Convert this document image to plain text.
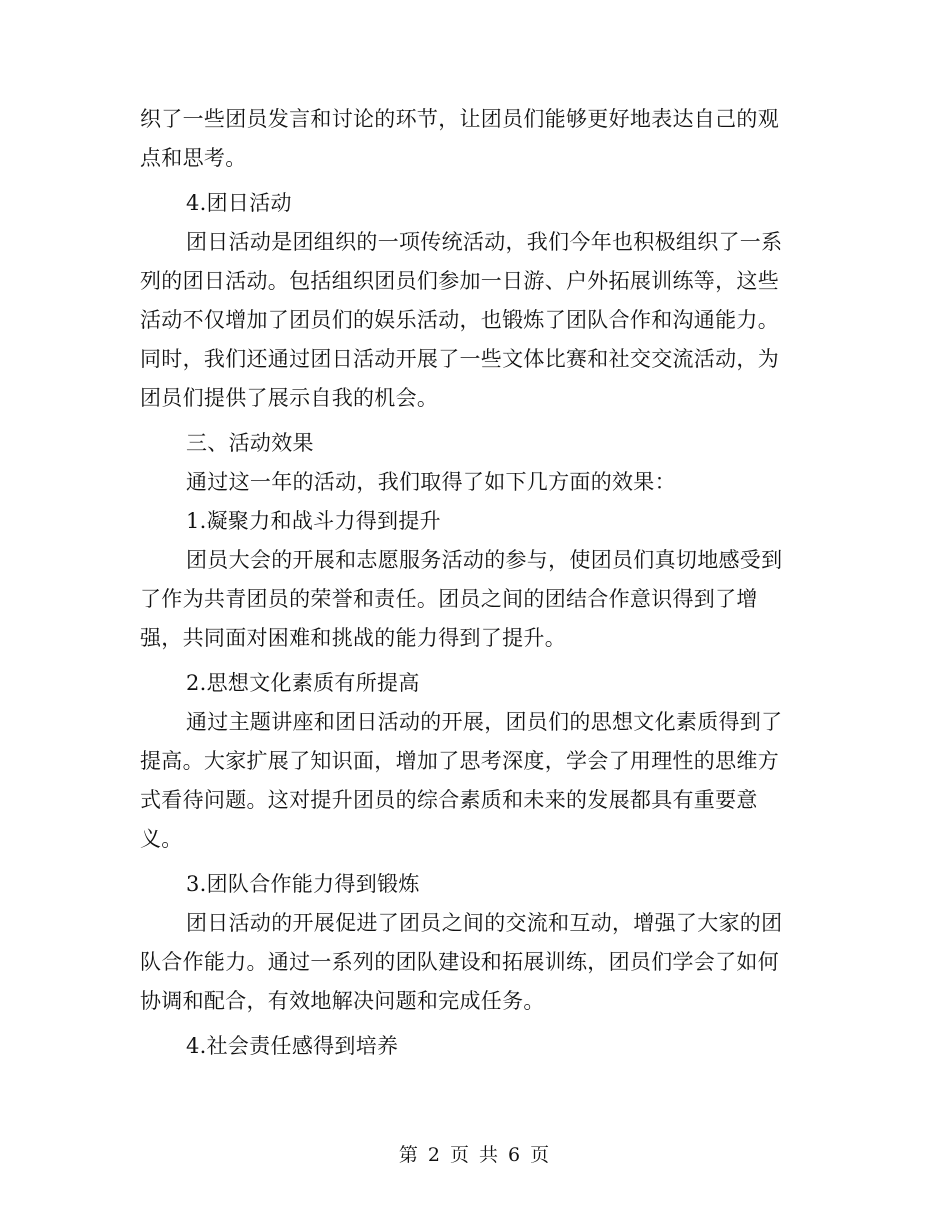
织了一些团员发言和讨论的环节，让团员们能够更好地表达自己的观
点和思考。
4.团日活动
团日活动是团组织的一项传统活动，我们今年也积极组织了一系
列的团日活动。包括组织团员们参加一日游、户外拓展训练等，这些
活动不仅增加了团员们的娱乐活动，也锻炼了团队合作和沟通能力。
同时，我们还通过团日活动开展了一些文体比赛和社交交流活动，为
团员们提供了展示自我的机会。
三、活动效果
通过这一年的活动，我们取得了如下几方面的效果：
1.凝聚力和战斗力得到提升
团员大会的开展和志愿服务活动的参与，使团员们真切地感受到
了作为共青团员的荣誉和责任。团员之间的团结合作意识得到了增
强，共同面对困难和挑战的能力得到了提升。
2.思想文化素质有所提高
通过主题讲座和团日活动的开展，团员们的思想文化素质得到了
提高。大家扩展了知识面，增加了思考深度，学会了用理性的思维方
式看待问题。这对提升团员的综合素质和未来的发展都具有重要意
义。
3.团队合作能力得到锻炼
团日活动的开展促进了团员之间的交流和互动，增强了大家的团
队合作能力。通过一系列的团队建设和拓展训练，团员们学会了如何
协调和配合，有效地解决问题和完成任务。
4.社会责任感得到培养
第 2 页 共 6 页
